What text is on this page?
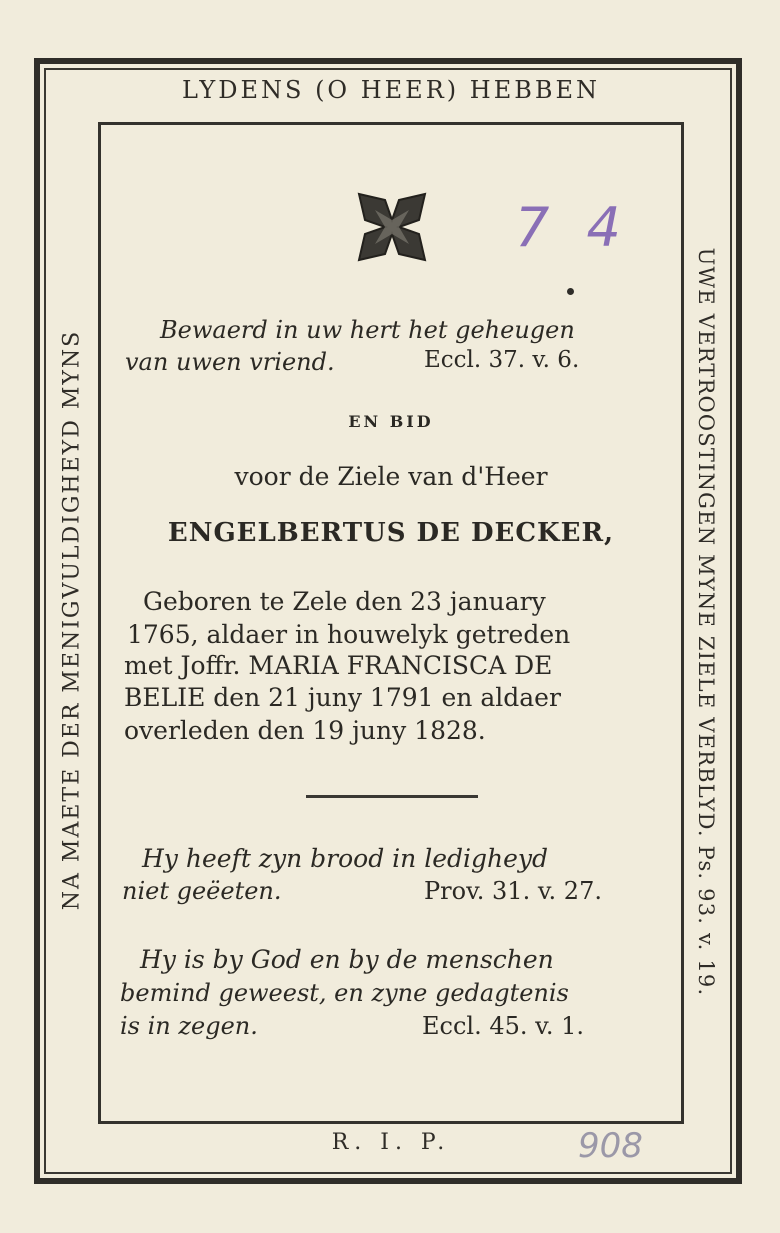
LYDENS (O HEER) HEBBEN
NA MAETE DER MENIGVULDIGHEYD MYNS	UWE VERTROOSTINGEN MYNE ZIELE VERBLYD. Ps. 93. v. 19.
R. I. P.
7 4
908
Bewaerd in uw hert het geheugen
van uwen vriend.	Eccl. 37. v. 6.
EN BID
voor de Ziele van d'Heer
ENGELBERTUS DE DECKER,
Geboren te Zele den 23 january
1765, aldaer in houwelyk getreden
met Joffr. MARIA FRANCISCA DE
BELIE den 21 juny 1791 en aldaer
overleden den 19 juny 1828.
Hy heeft zyn brood in ledigheyd
niet geëeten.	Prov. 31. v. 27.
Hy is by God en by de menschen
bemind geweest, en zyne gedagtenis
is in zegen.	Eccl. 45. v. 1.
